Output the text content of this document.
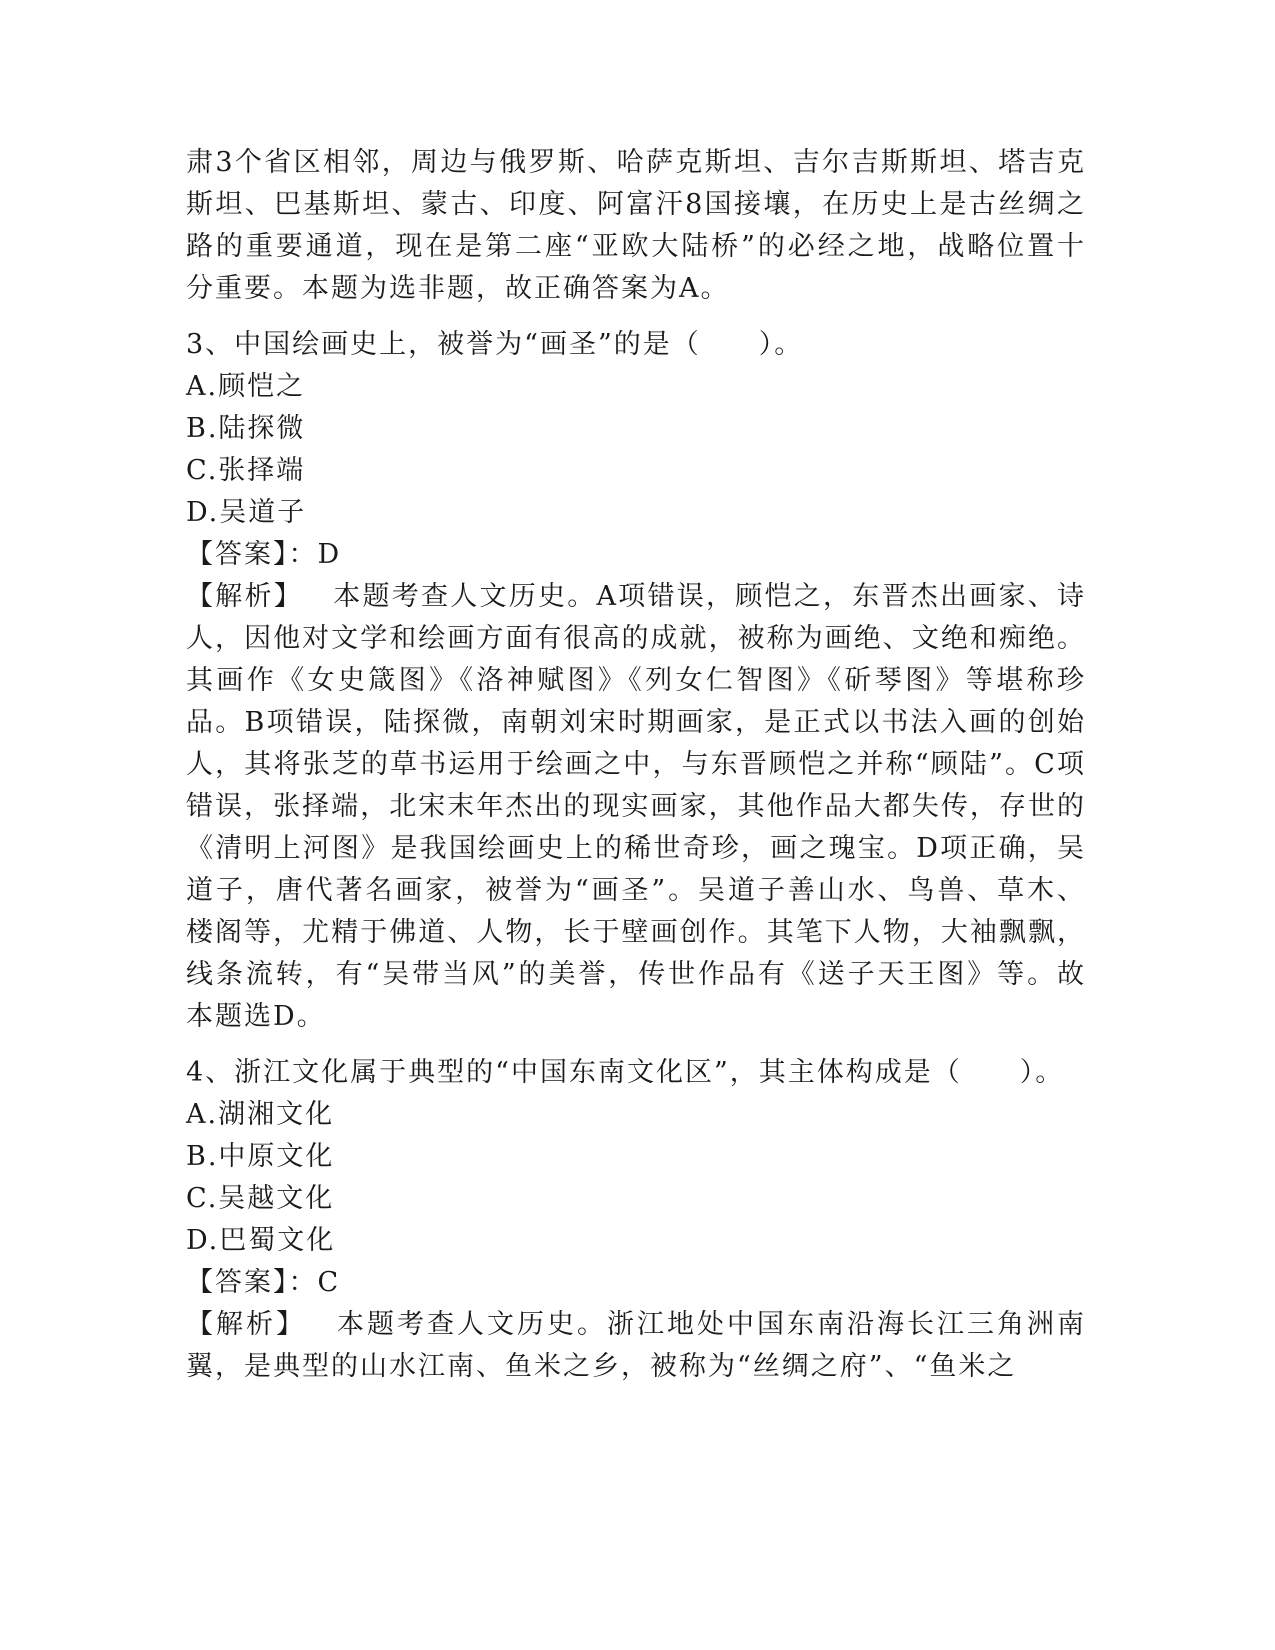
肃3个省区相邻，周边与俄罗斯、哈萨克斯坦、吉尔吉斯斯坦、塔吉克斯坦、巴基斯坦、蒙古、印度、阿富汗8国接壤，在历史上是古丝绸之路的重要通道，现在是第二座“亚欧大陆桥”的必经之地，战略位置十分重要。本题为选非题，故正确答案为A。

3、中国绘画史上，被誉为“画圣”的是（　　）。

A.顾恺之

B.陆探微

C.张择端

D.吴道子

【答案】：D

【解析】 本题考查人文历史。A项错误，顾恺之，东晋杰出画家、诗人，因他对文学和绘画方面有很高的成就，被称为画绝、文绝和痴绝。其画作《女史箴图》《洛神赋图》《列女仁智图》《斫琴图》等堪称珍品。B项错误，陆探微，南朝刘宋时期画家，是正式以书法入画的创始人，其将张芝的草书运用于绘画之中，与东晋顾恺之并称“顾陆”。C项错误，张择端，北宋末年杰出的现实画家，其他作品大都失传，存世的《清明上河图》是我国绘画史上的稀世奇珍，画之瑰宝。D项正确，吴道子，唐代著名画家，被誉为“画圣”。吴道子善山水、鸟兽、草木、楼阁等，尤精于佛道、人物，长于壁画创作。其笔下人物，大袖飘飘，线条流转，有“吴带当风”的美誉，传世作品有《送子天王图》等。故本题选D。

4、浙江文化属于典型的“中国东南文化区”，其主体构成是（　　）。

A.湖湘文化

B.中原文化

C.吴越文化

D.巴蜀文化

【答案】：C

【解析】 本题考查人文历史。浙江地处中国东南沿海长江三角洲南翼，是典型的山水江南、鱼米之乡，被称为“丝绸之府”、“鱼米之
